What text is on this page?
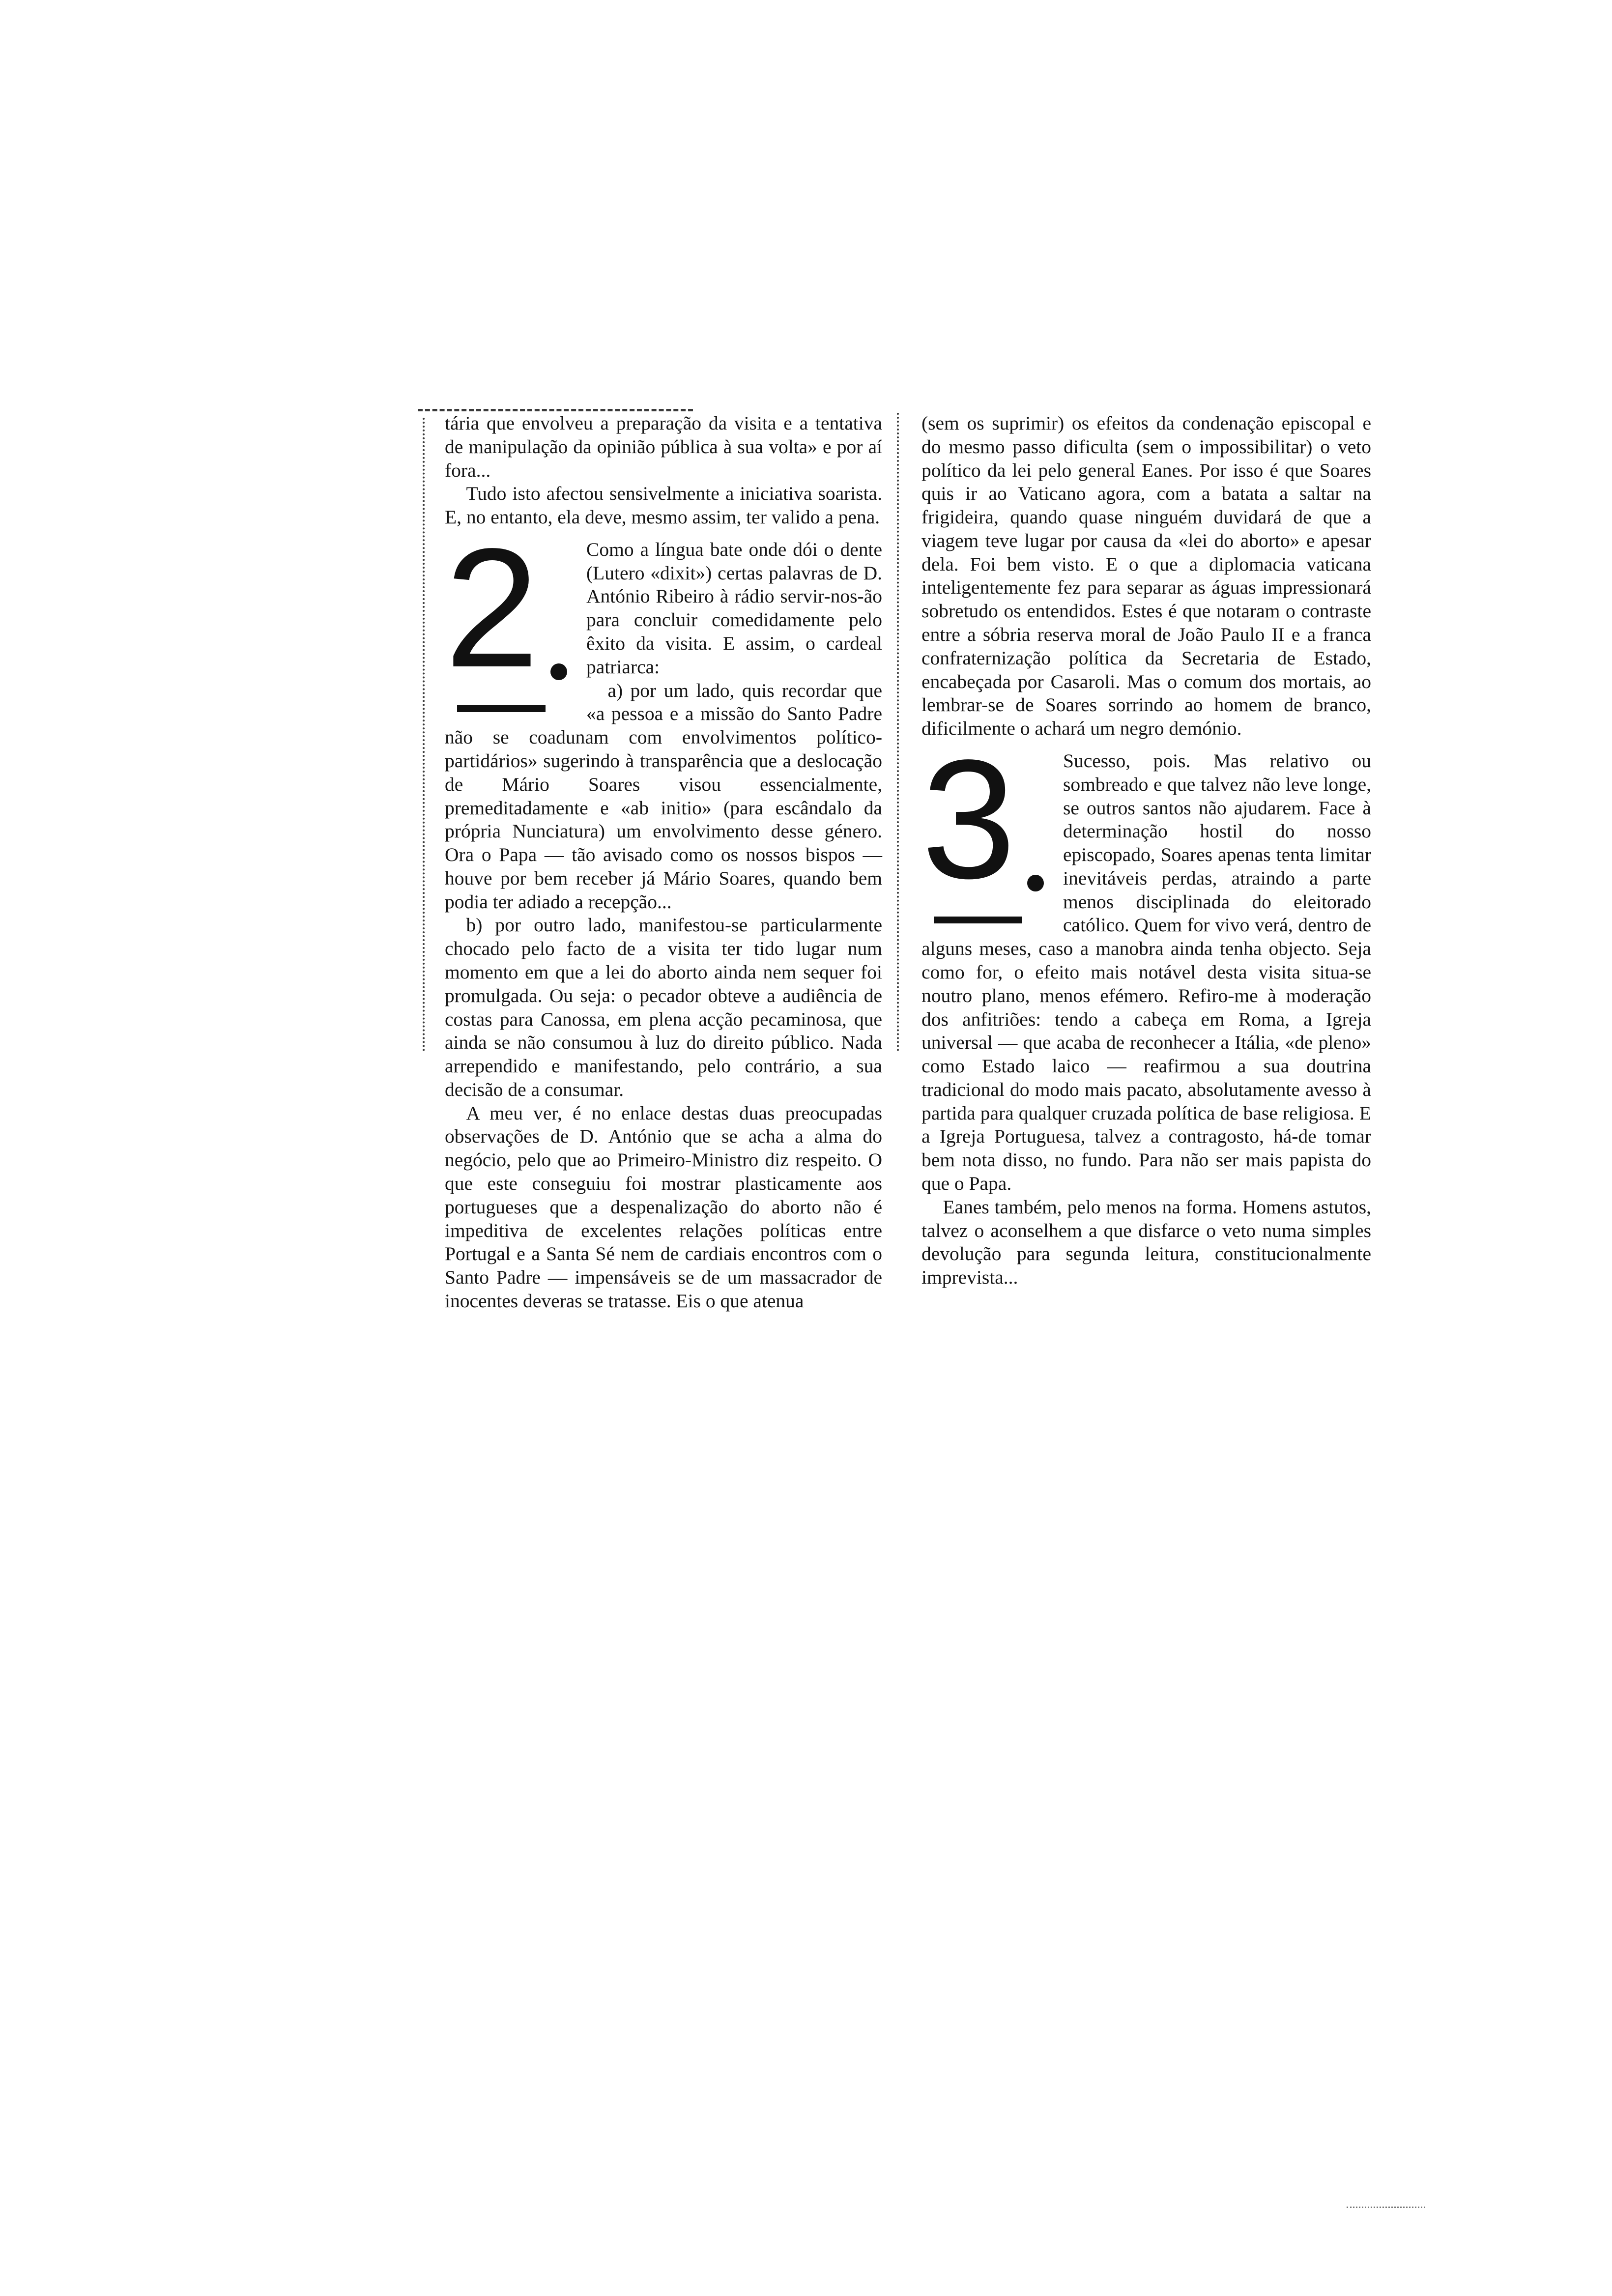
tária que envolveu a preparação da visita e a tentativa de manipulação da opinião pública à sua volta» e por aí fora...

Tudo isto afectou sensivelmente a iniciativa soarista. E, no entanto, ela deve, mesmo assim, ter valido a pena.

2	Como a língua bate onde dói o dente (Lutero «dixit») certas palavras de D. António Ribeiro à rádio servir-nos-ão para concluir comedidamente pelo êxito da visita. E assim, o cardeal patriarca:

a) por um lado, quis recordar que «a pessoa e a missão do Santo Padre não se coadunam com envolvimentos político-partidários» sugerindo à transparência que a deslocação de Mário Soares visou essencialmente, premeditadamente e «ab initio» (para escândalo da própria Nunciatura) um envolvimento desse género. Ora o Papa — tão avisado como os nossos bispos — houve por bem receber já Mário Soares, quando bem podia ter adiado a recepção...

b) por outro lado, manifestou-se particularmente chocado pelo facto de a visita ter tido lugar num momento em que a lei do aborto ainda nem sequer foi promulgada. Ou seja: o pecador obteve a audiência de costas para Canossa, em plena acção pecaminosa, que ainda se não consumou à luz do direito público. Nada arrependido e manifestando, pelo contrário, a sua decisão de a consumar.

A meu ver, é no enlace destas duas preocupadas observações de D. António que se acha a alma do negócio, pelo que ao Primeiro-Ministro diz respeito. O que este conseguiu foi mostrar plasticamente aos portugueses que a despenalização do aborto não é impeditiva de excelentes relações políticas entre Portugal e a Santa Sé nem de cardiais encontros com o Santo Padre — impensáveis se de um massacrador de inocentes deveras se tratasse. Eis o que atenua

(sem os suprimir) os efeitos da condenação episcopal e do mesmo passo dificulta (sem o impossibilitar) o veto político da lei pelo general Eanes. Por isso é que Soares quis ir ao Vaticano agora, com a batata a saltar na frigideira, quando quase ninguém duvidará de que a viagem teve lugar por causa da «lei do aborto» e apesar dela. Foi bem visto. E o que a diplomacia vaticana inteligentemente fez para separar as águas impressionará sobretudo os entendidos. Estes é que notaram o contraste entre a sóbria reserva moral de João Paulo II e a franca confraternização política da Secretaria de Estado, encabeçada por Casaroli. Mas o comum dos mortais, ao lembrar-se de Soares sorrindo ao homem de branco, dificilmente o achará um negro demónio.

3	Sucesso, pois. Mas relativo ou sombreado e que talvez não leve longe, se outros santos não ajudarem. Face à determinação hostil do nosso episcopado, Soares apenas tenta limitar inevitáveis perdas, atraindo a parte menos disciplinada do eleitorado católico. Quem for vivo verá, dentro de alguns meses, caso a manobra ainda tenha objecto. Seja como for, o efeito mais notável desta visita situa-se noutro plano, menos efémero. Refiro-me à moderação dos anfitriões: tendo a cabeça em Roma, a Igreja universal — que acaba de reconhecer a Itália, «de pleno» como Estado laico — reafirmou a sua doutrina tradicional do modo mais pacato, absolutamente avesso à partida para qualquer cruzada política de base religiosa. E a Igreja Portuguesa, talvez a contragosto, há-de tomar bem nota disso, no fundo. Para não ser mais papista do que o Papa.

Eanes também, pelo menos na forma. Homens astutos, talvez o aconselhem a que disfarce o veto numa simples devolução para segunda leitura, constitucionalmente imprevista...
